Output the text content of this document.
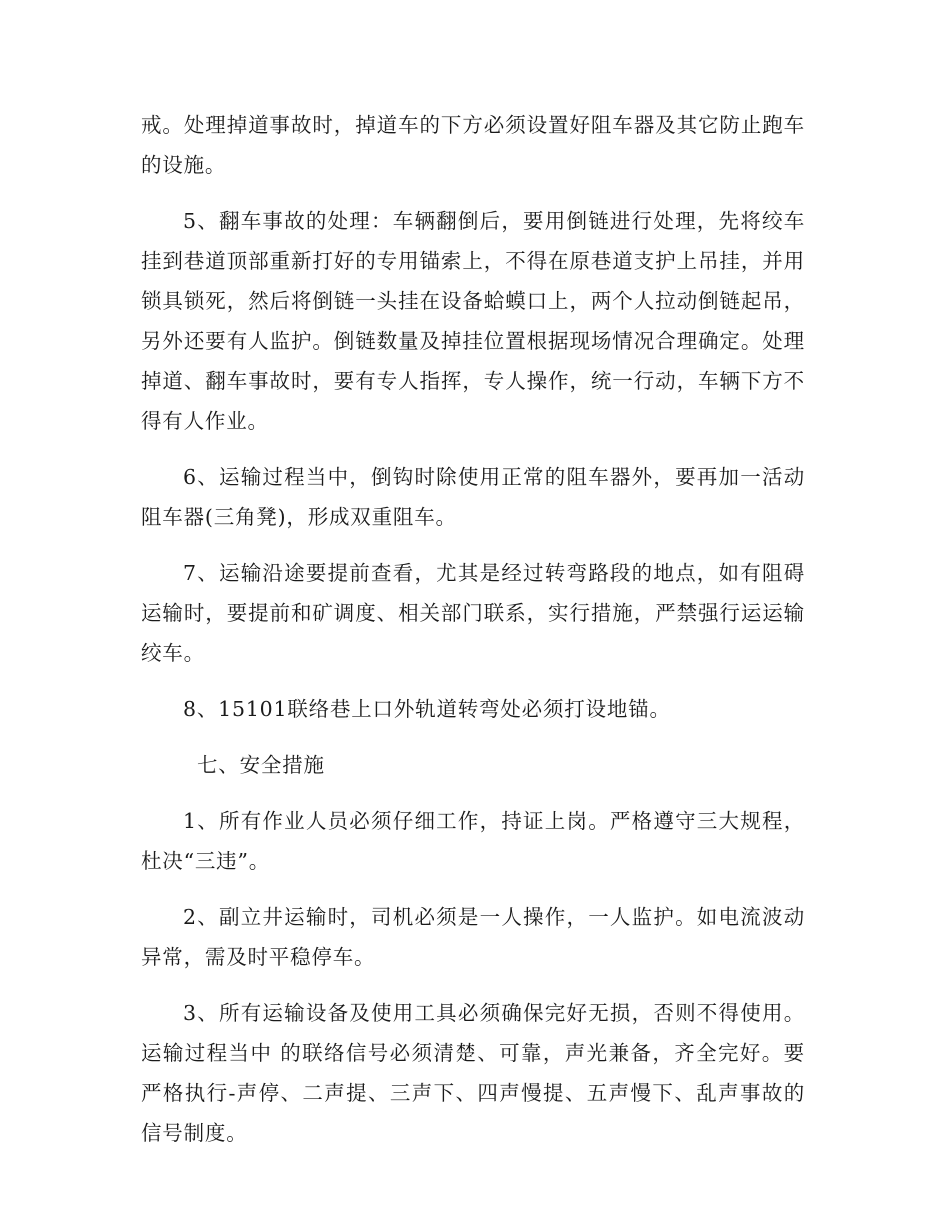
戒。处理掉道事故时，掉道车的下方必须设置好阻车器及其它防止跑车的设施。

5、翻车事故的处理：车辆翻倒后，要用倒链进行处理，先将绞车挂到巷道顶部重新打好的专用锚索上，不得在原巷道支护上吊挂，并用锁具锁死，然后将倒链一头挂在设备蛤蟆口上，两个人拉动倒链起吊，另外还要有人监护。倒链数量及掉挂位置根据现场情况合理确定。处理掉道、翻车事故时，要有专人指挥，专人操作，统一行动，车辆下方不得有人作业。

6、运输过程当中，倒钩时除使用正常的阻车器外，要再加一活动阻车器(三角凳)，形成双重阻车。

7、运输沿途要提前查看，尤其是经过转弯路段的地点，如有阻碍运输时，要提前和矿调度、相关部门联系，实行措施，严禁强行运运输绞车。

8、15101联络巷上口外轨道转弯处必须打设地锚。

七、安全措施

1、所有作业人员必须仔细工作，持证上岗。严格遵守三大规程，杜决“三违”。

2、副立井运输时，司机必须是一人操作，一人监护。如电流波动异常，需及时平稳停车。

3、所有运输设备及使用工具必须确保完好无损，否则不得使用。运输过程当中 的联络信号必须清楚、可靠，声光兼备，齐全完好。要严格执行-声停、二声提、三声下、四声慢提、五声慢下、乱声事故的信号制度。
